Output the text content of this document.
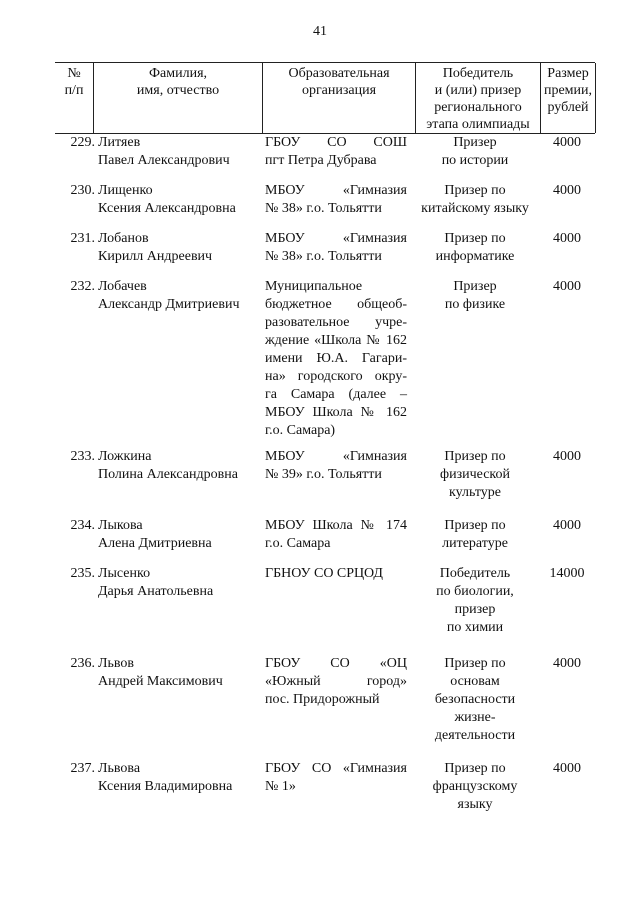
41
№
п/п
Фамилия,
имя, отчество
Образовательная
организация
Победитель
и (или) призер
регионального
этапа олимпиады
Размер
премии,
рублей
229. Литяев
Павел Александрович
ГБОУ СО СОШ
пгт Петра Дубрава
Призер
по истории
4000
230. Лищенко
Ксения Александровна
МБОУ «Гимназия
№ 38» г.о. Тольятти
Призер по
китайскому языку
4000
231. Лобанов
Кирилл Андреевич
МБОУ «Гимназия
№ 38» г.о. Тольятти
Призер по
информатике
4000
232. Лобачев
Александр Дмитриевич
Муниципальное
бюджетное общеоб-
разовательное учре-
ждение «Школа № 162
имени Ю.А. Гагари-
на» городского окру-
га Самара (далее –
МБОУ Школа № 162
г.о. Самара)
Призер
по физике
4000
233. Ложкина
Полина Александровна
МБОУ «Гимназия
№ 39» г.о. Тольятти
Призер по
физической
культуре
4000
234. Лыкова
Алена Дмитриевна
МБОУ Школа № 174
г.о. Самара
Призер по
литературе
4000
235. Лысенко
Дарья Анатольевна
ГБНОУ СО СРЦОД	Победитель
по биологии,
призер
по химии
14000
236. Львов
Андрей Максимович
ГБОУ СО «ОЦ
«Южный город»
пос. Придорожный
Призер по
основам
безопасности
жизне-
деятельности
4000
237. Львова
Ксения Владимировна
ГБОУ СО «Гимназия
№ 1»
Призер по
французскому
языку
4000
